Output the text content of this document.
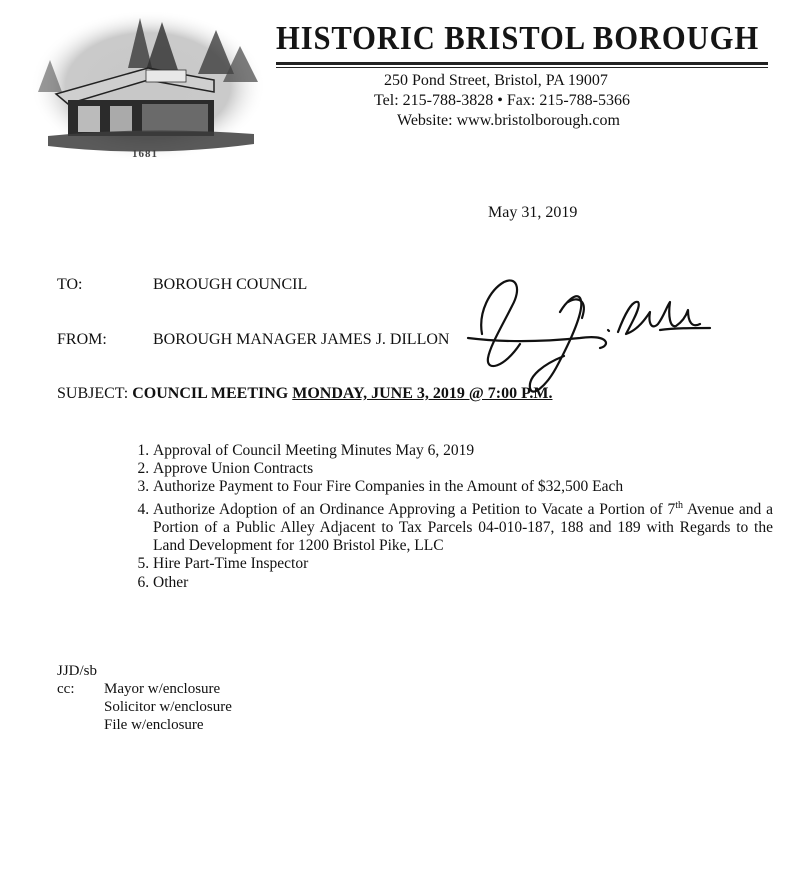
1681
HISTORIC BRISTOL BOROUGH
250 Pond Street, Bristol, PA 19007
Tel: 215-788-3828 • Fax: 215-788-5366
Website: www.bristolborough.com
May 31, 2019
TO:	BOROUGH COUNCIL
FROM:	BOROUGH MANAGER JAMES J. DILLON
SUBJECT: COUNCIL MEETING MONDAY, JUNE 3, 2019 @ 7:00 P.M.
1. Approval of Council Meeting Minutes May 6, 2019
2. Approve Union Contracts
3. Authorize Payment to Four Fire Companies in the Amount of $32,500 Each
4. Authorize Adoption of an Ordinance Approving a Petition to Vacate a Portion of 7th Avenue and a Portion of a Public Alley Adjacent to Tax Parcels 04-010-187, 188 and 189 with Regards to the Land Development for 1200 Bristol Pike, LLC
5. Hire Part-Time Inspector
6. Other
JJD/sb
cc: Mayor w/enclosure
Solicitor w/enclosure
File w/enclosure
